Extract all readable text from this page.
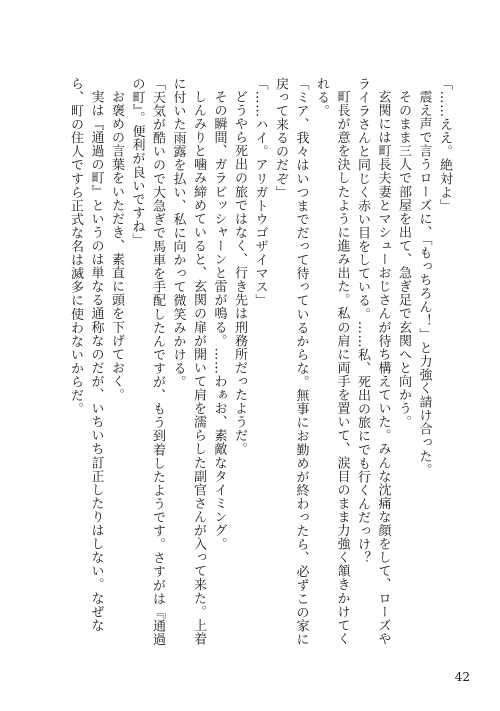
「……ええ。絶対よ」

震え声で言うローズに、「もっちろん！」と力強く請け合った。

そのまま三人で部屋を出て、急ぎ足で玄関へと向かう。

玄関には町長夫妻とマシューおじさんが待ち構えていた。みんな沈痛な顔をして、ローズやライラさんと同じく赤い目をしている。……私、死出の旅にでも行くんだっけ？

町長が意を決したように進み出た。私の肩に両手を置いて、涙目のまま力強く頷きかけてくれる。

「ミア、我々はいつまでだって待っているからな。無事にお勤めが終わったら、必ずこの家に戻って来るのだぞ」

「……ハイ。アリガトウゴザイマス」

どうやら死出の旅ではなく、行き先は刑務所だったようだ。

その瞬間、ガラピッシャーンと雷が鳴る。……わぁお、素敵なタイミング。

しんみりと噛み締めていると、玄関の扉が開いて肩を濡らした副官さんが入って来た。上着に付いた雨露を払い、私に向かって微笑みかける。

「天気が酷いので大急ぎで馬車を手配したんですが、もう到着したようです。さすがは『通過の町』。便利が良いですね」

お褒めの言葉をいただき、素直に頭を下げておく。

実は『通過の町』というのは単なる通称なのだが、いちいち訂正したりはしない。なぜなら、町の住人ですら正式な名は滅多に使わないからだ。

42
